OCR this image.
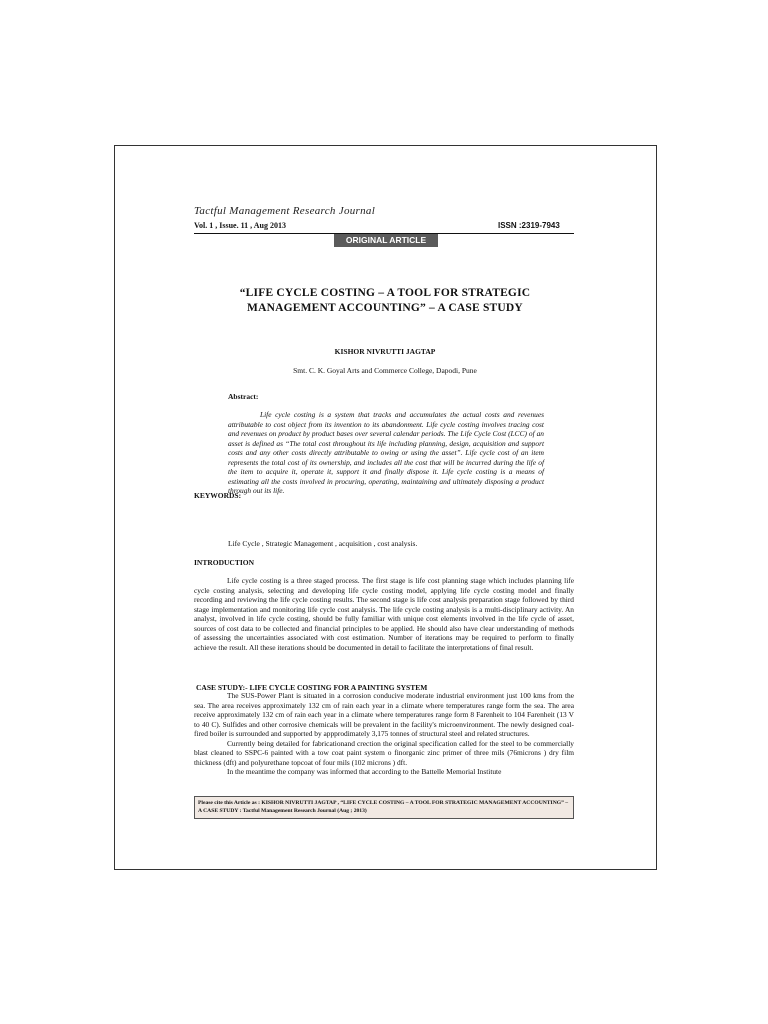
Tactful Management Research Journal
Vol. 1 , Issue. 11 , Aug 2013	ISSN :2319-7943
ORIGINAL ARTICLE
“LIFE CYCLE COSTING – A TOOL FOR STRATEGIC
MANAGEMENT ACCOUNTING” – A CASE STUDY
KISHOR NIVRUTTI JAGTAP
Smt. C. K. Goyal Arts and Commerce College, Dapodi, Pune
Abstract:
Life cycle costing is a system that tracks and accumulates the actual costs and revenues attributable to cost object from its invention to its abandonment. Life cycle costing involves tracing cost and revenues on product by product bases over several calendar periods. The Life Cycle Cost (LCC) of an asset is defined as “The total cost throughout its life including planning, design, acquisition and support costs and any other costs directly attributable to owing or using the asset”. Life cycle cost of an item represents the total cost of its ownership, and includes all the cost that will be incurred during the life of the item to acquire it, operate it, support it and finally dispose it. Life cycle costing is a means of estimating all the costs involved in procuring, operating, maintaining and ultimately disposing a product through out its life.
KEYWORDS:
Life Cycle , Strategic Management , acquisition , cost analysis.
INTRODUCTION
Life cycle costing is a three staged process. The first stage is life cost planning stage which includes planning life cycle costing analysis, selecting and developing life cycle costing model, applying life cycle costing model and finally recording and reviewing the life cycle costing results. The second stage is life cost analysis preparation stage followed by third stage implementation and monitoring life cycle cost analysis. The life cycle costing analysis is a multi-disciplinary activity. An analyst, involved in life cycle costing, should be fully familiar with unique cost elements involved in the life cycle of asset, sources of cost data to be collected and financial principles to be applied. He should also have clear understanding of methods of assessing the uncertainties associated with cost estimation. Number of iterations may be required to perform to finally achieve the result. All these iterations should be documented in detail to facilitate the interpretations of final result.
CASE STUDY:- LIFE CYCLE COSTING FOR A PAINTING SYSTEM

The SUS-Power Plant is situated in a corrosion conducive moderate industrial environment just 100 kms from the sea. The area receives approximately 132 cm of rain each year in a climate where temperatures range form the sea. The area receive approximately 132 cm of rain each year in a climate where temperatures range form 8 Farenheit to 104 Farenheit (13 V to 40 C). Sulfides and other corrosive chemicals will be prevalent in the facility's microenvironment. The newly designed coal-fired boiler is surrounded and supported by appprodimately 3,175 tonnes of structural steel and related structures.

Currently being detailed for fabricationand crection the original specification called for the steel to be commercially blast cleaned to SSPC-6 painted with a tow coat paint system o finorganic zinc primer of three mils (76microns ) dry film thickness (dft) and polyurethane topcoat of four mils (102 microns ) dft.

In the meantime the company was informed that according to the Battelle Memorial Institute

Please cite this Article as : KISHOR NIVRUTTI JAGTAP , “LIFE CYCLE COSTING – A TOOL FOR STRATEGIC MANAGEMENT ACCOUNTING” – A CASE STUDY : Tactful Management Research Journal (Aug ; 2013)
